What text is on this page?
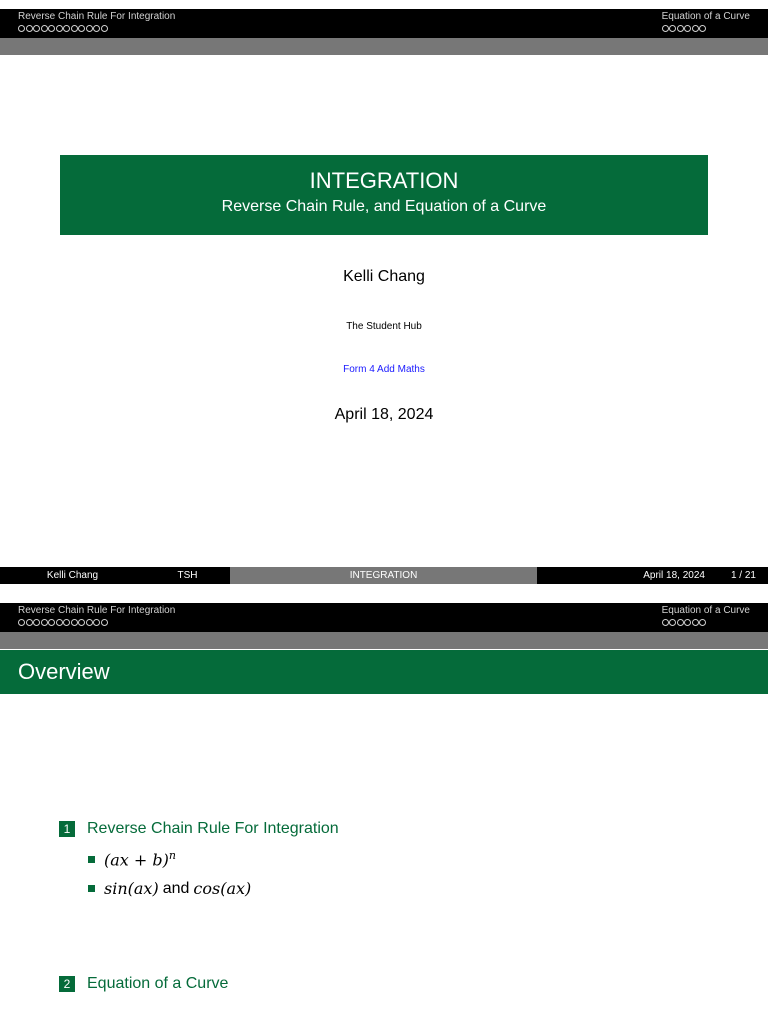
Reverse Chain Rule For Integration	Equation of a Curve
INTEGRATION
Reverse Chain Rule, and Equation of a Curve
Kelli Chang
The Student Hub
Form 4 Add Maths
April 18, 2024
Kelli Chang	TSH	INTEGRATION	April 18, 2024	1 / 21
Reverse Chain Rule For Integration	Equation of a Curve
Overview
1 Reverse Chain Rule For Integration
(ax + b)$^n$
sin(ax) and cos(ax)
2 Equation of a Curve
